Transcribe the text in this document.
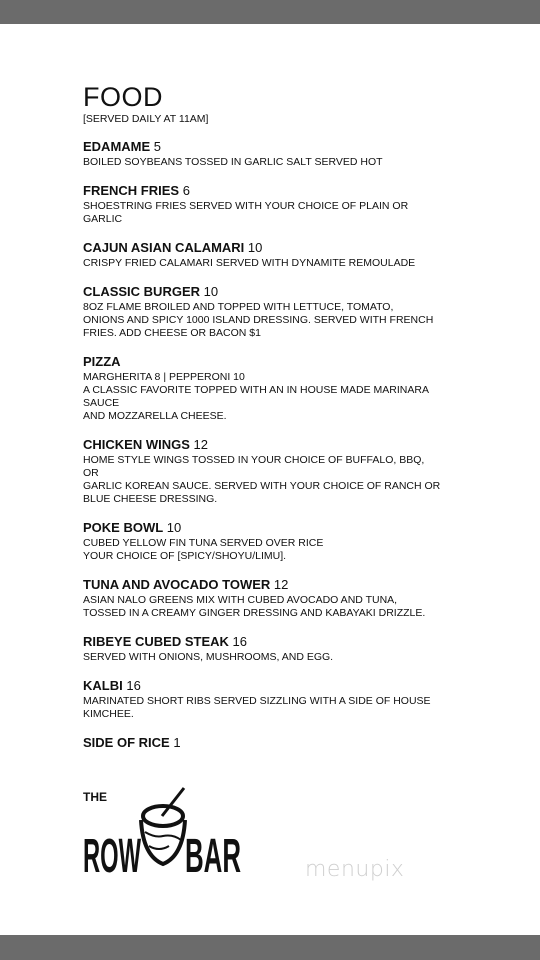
FOOD
[SERVED DAILY AT 11AM]
EDAMAME 5
BOILED SOYBEANS TOSSED IN GARLIC SALT SERVED HOT
FRENCH FRIES 6
SHOESTRING FRIES SERVED WITH YOUR CHOICE OF PLAIN OR
GARLIC
CAJUN ASIAN CALAMARI 10
CRISPY FRIED CALAMARI SERVED WITH DYNAMITE REMOULADE
CLASSIC BURGER 10
8OZ FLAME BROILED AND TOPPED WITH LETTUCE, TOMATO,
ONIONS AND SPICY 1000 ISLAND DRESSING. SERVED WITH FRENCH
FRIES. ADD CHEESE OR BACON $1
PIZZA
MARGHERITA 8 | PEPPERONI 10
A CLASSIC FAVORITE TOPPED WITH AN IN HOUSE MADE MARINARA
SAUCE
AND MOZZARELLA CHEESE.
CHICKEN WINGS 12
HOME STYLE WINGS TOSSED IN YOUR CHOICE OF BUFFALO, BBQ,
OR
GARLIC KOREAN SAUCE. SERVED WITH YOUR CHOICE OF RANCH OR
BLUE CHEESE DRESSING.
POKE BOWL 10
CUBED YELLOW FIN TUNA SERVED OVER RICE
YOUR CHOICE OF [SPICY/SHOYU/LIMU].
TUNA AND AVOCADO TOWER 12
ASIAN NALO GREENS MIX WITH CUBED AVOCADO AND TUNA,
TOSSED IN A CREAMY GINGER DRESSING AND KABAYAKI DRIZZLE.
RIBEYE CUBED STEAK 16
SERVED WITH ONIONS, MUSHROOMS, AND EGG.
KALBI 16
MARINATED SHORT RIBS SERVED SIZZLING WITH A SIDE OF HOUSE
KIMCHEE.
SIDE OF RICE 1
THE
ROW BAR	menupix
